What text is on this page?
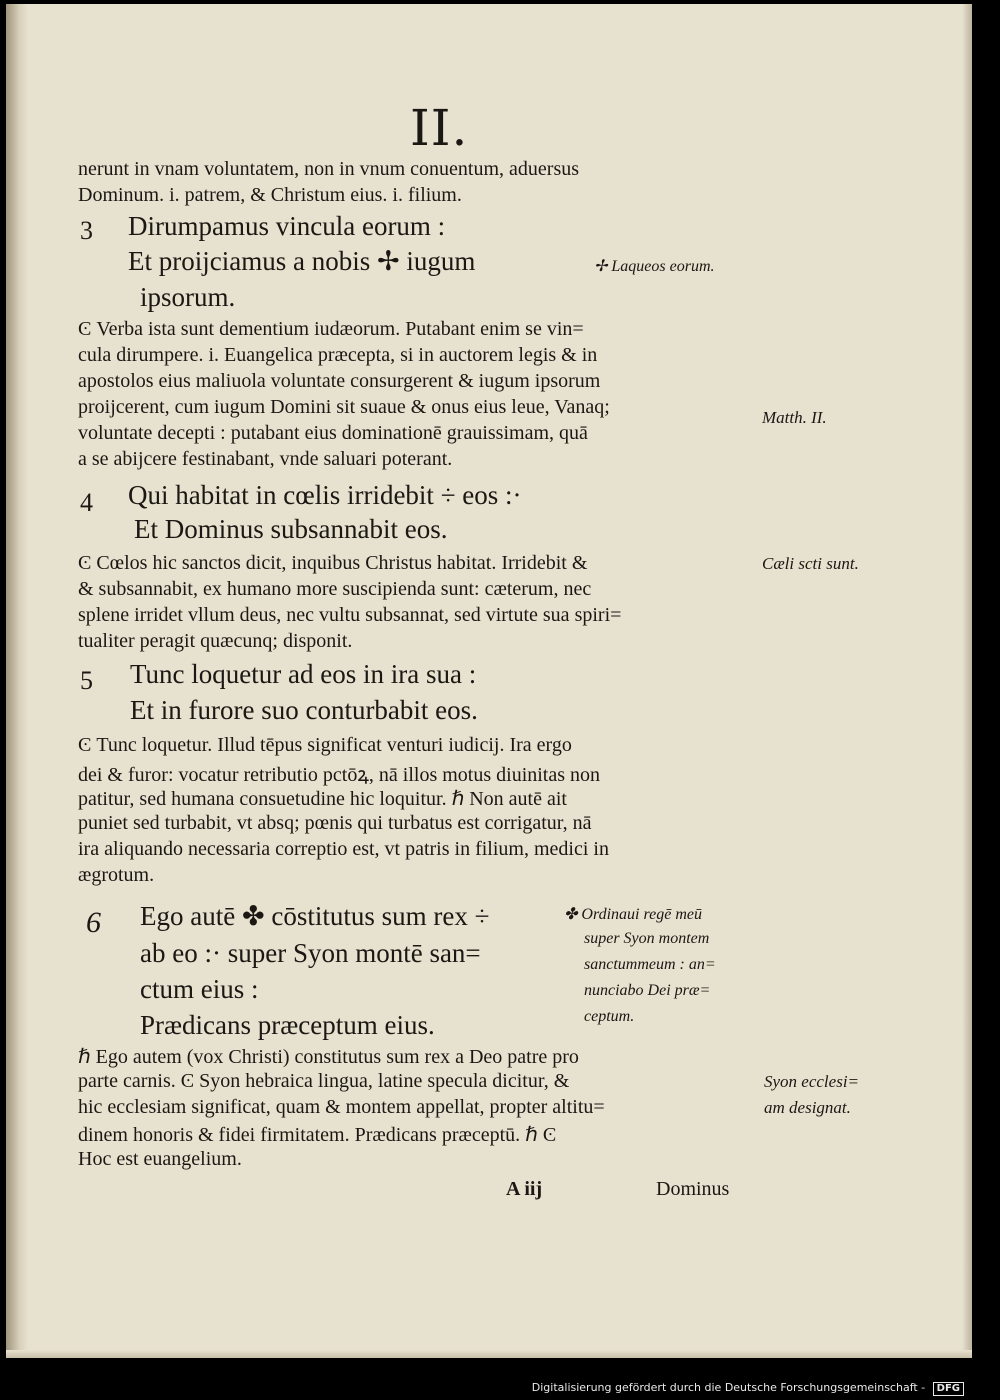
II.
nerunt in vnam voluntatem, non in vnum conuentum, aduersus
Dominum. i. patrem, & Christum eius. i. filium.
3 Dirumpamus vincula eorum :
Et proijciamus a nobis ✢ iugum
ipsorum.
✢ Laqueos eorum.
Ͼ Verba ista sunt dementium iudæorum. Putabant enim se vin=
cula dirumpere. i. Euangelica præcepta, si in auctorem legis & in
apostolos eius maliuola voluntate consurgerent & iugum ipsorum
proijcerent, cum iugum Domini sit suaue & onus eius leue, Vanaq;
voluntate decepti : putabant eius dominationē grauissimam, quā
a se abijcere festinabant, vnde saluari poterant.
Matth. II.
4 Qui habitat in cœlis irridebit ÷ eos :·
Et Dominus subsannabit eos.
Ͼ Cœlos hic sanctos dicit, inquibus Christus habitat. Irridebit &
& subsannabit, ex humano more suscipienda sunt: cæterum, nec
splene irridet vllum deus, nec vultu subsannat, sed virtute sua spiri=
tualiter peragit quæcunq; disponit.
Cæli scti sunt.
5 Tunc loquetur ad eos in ira sua :
Et in furore suo conturbabit eos.
Ͼ Tunc loquetur. Illud tēpus significat venturi iudicij. Ira ergo
dei & furor: vocatur retributio pctōꝝ, nā illos motus diuinitas non
patitur, sed humana consuetudine hic loquitur. ℏ Non autē ait
puniet sed turbabit, vt absq; pœnis qui turbatus est corrigatur, nā
ira aliquando necessaria correptio est, vt patris in filium, medici in
ægrotum.
6 Ego autē ✤ cōstitutus sum rex ÷
ab eo :· super Syon montē san=
ctum eius :
Prædicans præceptum eius.
✤ Ordinaui regē meū
super Syon montem
sanctummeum : an=
nunciabo Dei præ=
ceptum.
ℏ Ego autem (vox Christi) constitutus sum rex a Deo patre pro
parte carnis. Ͼ Syon hebraica lingua, latine specula dicitur, &
hic ecclesiam significat, quam & montem appellat, propter altitu=
dinem honoris & fidei firmitatem. Prædicans præceptū. ℏ Ͼ
Hoc est euangelium.
Syon ecclesi=
am designat.
A iij	Dominus
Digitalisierung gefördert durch die Deutsche Forschungsgemeinschaft - DFG
